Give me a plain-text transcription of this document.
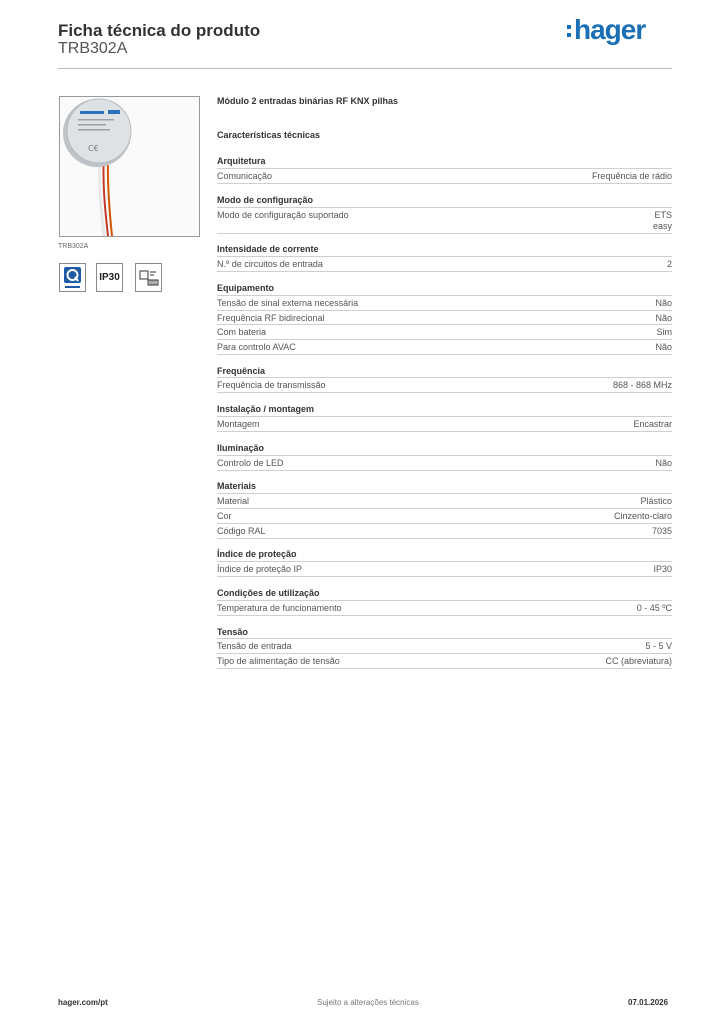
Ficha técnica do produto
TRB302A
hager
C€
TRB302A
IP30
Módulo 2 entradas binárias RF KNX pilhas
Características técnicas
Arquitetura
Comunicação	Frequência de rádio
Modo de configuração
Modo de configuração suportado	ETS
easy
Intensidade de corrente
N.º de circuitos de entrada	2
Equipamento
Tensão de sinal externa necessária	Não
Frequência RF bidirecional	Não
Com bateria	Sim
Para controlo AVAC	Não
Frequência
Frequência de transmissão	868 - 868 MHz
Instalação / montagem
Montagem	Encastrar
Iluminação
Controlo de LED	Não
Materiais
Material	Plástico
Cor	Cinzento-claro
Código RAL	7035
Índice de proteção
Índice de proteção IP	IP30
Condições de utilização
Temperatura de funcionamento	0 - 45 ºC
Tensão
Tensão de entrada	5 - 5 V
Tipo de alimentação de tensão	CC (abreviatura)
hager.com/pt	Sujeito a alterações técnicas	07.01.2026
